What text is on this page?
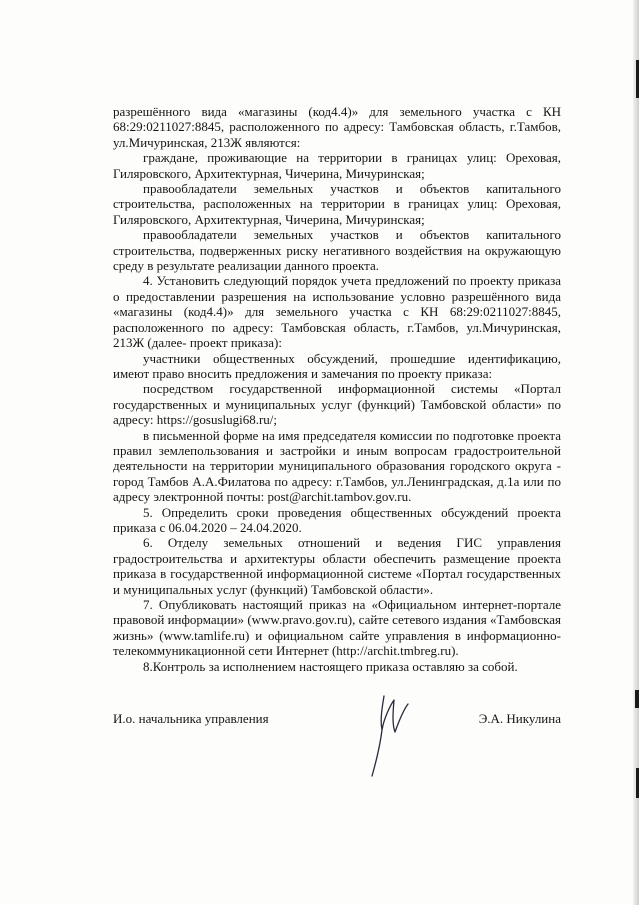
разрешённого вида «магазины (код4.4)» для земельного участка с КН 68:29:0211027:8845, расположенного по адресу: Тамбовская область, г.Тамбов, ул.Мичуринская, 213Ж являются:

граждане, проживающие на территории в границах улиц: Ореховая, Гиляровского, Архитектурная, Чичерина, Мичуринская;

правообладатели земельных участков и объектов капитального строительства, расположенных на территории в границах улиц: Ореховая, Гиляровского, Архитектурная, Чичерина, Мичуринская;

правообладатели земельных участков и объектов капитального строительства, подверженных риску негативного воздействия на окружающую среду в результате реализации данного проекта.

4. Установить следующий порядок учета предложений по проекту приказа о предоставлении разрешения на использование условно разрешённого вида «магазины (код4.4)» для земельного участка с КН 68:29:0211027:8845, расположенного по адресу: Тамбовская область, г.Тамбов, ул.Мичуринская, 213Ж (далее- проект приказа):

участники общественных обсуждений, прошедшие идентификацию, имеют право вносить предложения и замечания по проекту приказа:

посредством государственной информационной системы «Портал государственных и муниципальных услуг (функций) Тамбовской области» по адресу: https://gosuslugi68.ru/;

в письменной форме на имя председателя комиссии по подготовке проекта правил землепользования и застройки и иным вопросам градостроительной деятельности на территории муниципального образования городского округа - город Тамбов А.А.Филатова по адресу: г.Тамбов, ул.Ленинградская, д.1а или по адресу электронной почты: post@archit.tambov.gov.ru.

5. Определить сроки проведения общественных обсуждений проекта приказа с 06.04.2020 – 24.04.2020.

6. Отделу земельных отношений и ведения ГИС управления градостроительства и архитектуры области обеспечить размещение проекта приказа в государственной информационной системе «Портал государственных и муниципальных услуг (функций) Тамбовской области».

7. Опубликовать настоящий приказ на «Официальном интернет-портале правовой информации» (www.pravo.gov.ru), сайте сетевого издания «Тамбовская жизнь» (www.tamlife.ru) и официальном сайте управления в информационно-телекоммуникационной сети Интернет (http://archit.tmbreg.ru).

8.Контроль за исполнением настоящего приказа оставляю за собой.

И.о. начальника управления	Э.А. Никулина
